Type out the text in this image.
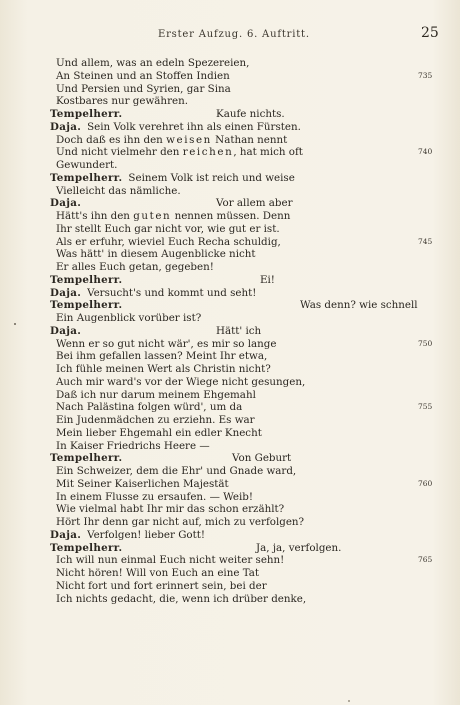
Erster Aufzug. 6. Auftritt.	25
Und allem, was an edeln Spezereien,
An Steinen und an Stoffen Indien	735
Und Persien und Syrien, gar Sina
Kostbares nur gewähren.
Tempelherr.	Kaufe nichts.
Daja. Sein Volk verehret ihn als einen Fürsten.
Doch daß es ihn den weisen Nathan nennt
Und nicht vielmehr den reichen, hat mich oft	740
Gewundert.
Tempelherr. Seinem Volk ist reich und weise
Vielleicht das nämliche.
Daja.	Vor allem aber
Hätt's ihn den guten nennen müssen. Denn
Ihr stellt Euch gar nicht vor, wie gut er ist.
Als er erfuhr, wieviel Euch Recha schuldig,	745
Was hätt' in diesem Augenblicke nicht
Er alles Euch getan, gegeben!
Tempelherr.	Ei!
Daja. Versucht's und kommt und seht!
Tempelherr.	Was denn? wie schnell
Ein Augenblick vorüber ist?
Daja.	Hätt' ich
Wenn er so gut nicht wär', es mir so lange	750
Bei ihm gefallen lassen? Meint Ihr etwa,
Ich fühle meinen Wert als Christin nicht?
Auch mir ward's vor der Wiege nicht gesungen,
Daß ich nur darum meinem Ehgemahl
Nach Palästina folgen würd', um da	755
Ein Judenmädchen zu erziehn. Es war
Mein lieber Ehgemahl ein edler Knecht
In Kaiser Friedrichs Heere —
Tempelherr.	Von Geburt
Ein Schweizer, dem die Ehr' und Gnade ward,
Mit Seiner Kaiserlichen Majestät	760
In einem Flusse zu ersaufen. — Weib!
Wie vielmal habt Ihr mir das schon erzählt?
Hört Ihr denn gar nicht auf, mich zu verfolgen?
Daja. Verfolgen! lieber Gott!
Tempelherr.	Ja, ja, verfolgen.
Ich will nun einmal Euch nicht weiter sehn!	765
Nicht hören! Will von Euch an eine Tat
Nicht fort und fort erinnert sein, bei der
Ich nichts gedacht, die, wenn ich drüber denke,
